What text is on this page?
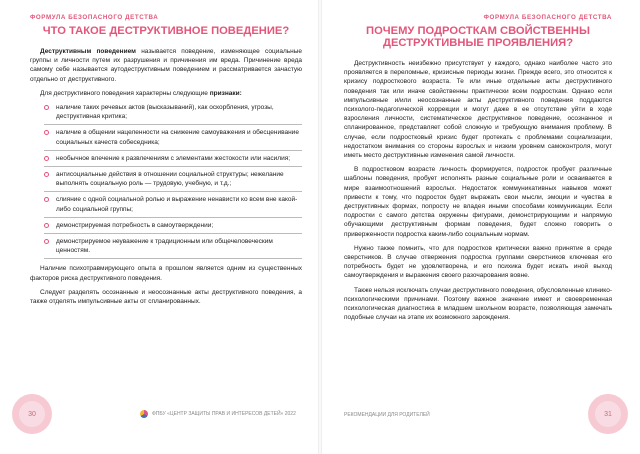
ФОРМУЛА БЕЗОПАСНОГО ДЕТСТВА
ЧТО ТАКОЕ ДЕСТРУКТИВНОЕ ПОВЕДЕНИЕ?

Деструктивным поведением называется поведение, изменяющее социальные группы и личности путем их разрушения и причинения им вреда. Причинение вреда самому себе называется аутодеструктивным поведением и рассматривается зачастую отдельно от деструктивного.

Для деструктивного поведения характерны следующие признаки:

наличие таких речевых актов (высказываний), как оскорбления, угрозы, деструктивная критика;
наличие в общении нацеленности на снижение самоуважения и обесценивание социальных качеств собеседника;
необычное влечение к развлечениям с элементами жестокости или насилия;
антисоциальные действия в отношении социальной структуры; нежелание выполнять социальную роль — трудовую, учебную, и т.д.;
слияние с одной социальной ролью и выражение ненависти ко всем вне какой-либо социальной группы;
демонстрируемая потребность в самоутверждении;
демонстрируемое неуважение к традиционным или общечеловеческим ценностям.

Наличие психотравмирующего опыта в прошлом является одним из существенных факторов риска деструктивного поведения.

Следует разделять осознанные и неосознанные акты деструктивного поведения, а также отделять импульсивные акты от спланированных.

ФПБУ «ЦЕНТР ЗАЩИТЫ ПРАВ И ИНТЕРЕСОВ ДЕТЕЙ» 2022
30
ФОРМУЛА БЕЗОПАСНОГО ДЕТСТВА
ПОЧЕМУ ПОДРОСТКАМ СВОЙСТВЕННЫ ДЕСТРУКТИВНЫЕ ПРОЯВЛЕНИЯ?

Деструктивность неизбежно присутствует у каждого, однако наиболее часто это проявляется в переломные, кризисные периоды жизни. Прежде всего, это относится к кризису подросткового возраста. Те или иные отдельные акты деструктивного поведения так или иначе свойственны практически всем подросткам. Однако если импульсивные и/или неосознанные акты деструктивного поведения поддаются психолого-педагогической коррекции и могут даже в ее отсутствие уйти в ходе взросления личности, систематическое деструктивное поведение, осознанное и спланированное, представляет собой сложную и требующую внимания проблему. В случае, если подростковый кризис будет протекать с проблемами социализации, недостатком внимания со стороны взрослых и низким уровнем самоконтроля, могут иметь место деструктивные изменения самой личности.

В подростковом возрасте личность формируется, подросток пробует различные шаблоны поведения, пробует исполнять разные социальные роли и осваивается в мире взаимоотношений взрослых. Недостаток коммуникативных навыков может привести к тому, что подросток будет выражать свои мысли, эмоции и чувства в деструктивных формах, попросту не владея иными способами коммуникации. Если подростки с самого детства окружены фигурами, демонстрирующими и напрямую обучающими деструктивным формам поведения, будет сложно говорить о приверженности подростка каким-либо социальным нормам.

Нужно также помнить, что для подростков критически важно принятие в среде сверстников. В случае отвержения подростка группами сверстников ключевая его потребность будет не удовлетворена, и его психика будет искать иной выход самоутверждения и выражения своего разочарования вовне.

Также нельзя исключать случаи деструктивного поведения, обусловленные клинико-психологическими причинами. Поэтому важное значение имеет и своевременная психологическая диагностика в младшем школьном возрасте, позволяющая замечать подобные случаи на этапе их возможного зарождения.

РЕКОМЕНДАЦИИ ДЛЯ РОДИТЕЛЕЙ	31
